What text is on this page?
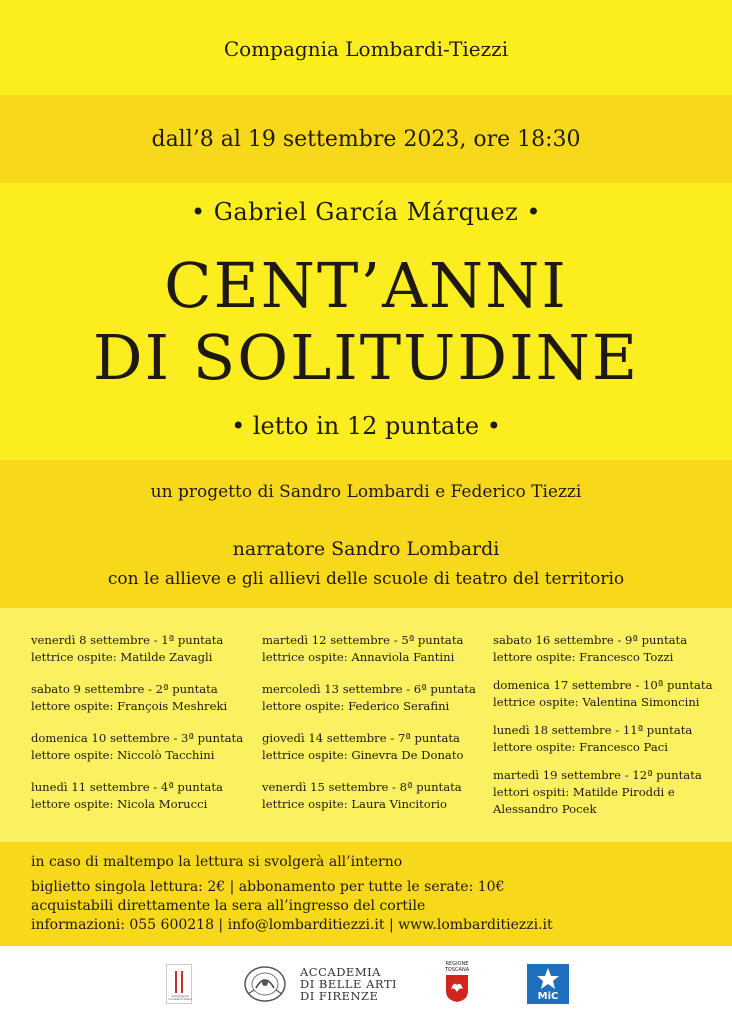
Compagnia Lombardi-Tiezzi
dall’8 al 19 settembre 2023, ore 18:30
• Gabriel García Márquez •
CENT’ANNI
DI SOLITUDINE
• letto in 12 puntate •
un progetto di Sandro Lombardi e Federico Tiezzi
narratore Sandro Lombardi
con le allieve e gli allievi delle scuole di teatro del territorio
venerdì 8 settembre - 1ª puntata
lettrice ospite: Matilde Zavagli
sabato 9 settembre - 2ª puntata
lettore ospite: François Meshreki
domenica 10 settembre - 3ª puntata
lettore ospite: Niccolò Tacchini
lunedì 11 settembre - 4ª puntata
lettore ospite: Nicola Morucci
martedì 12 settembre - 5ª puntata
lettrice ospite: Annaviola Fantini
mercoledì 13 settembre - 6ª puntata
lettore ospite: Federico Serafini
giovedì 14 settembre - 7ª puntata
lettrice ospite: Ginevra De Donato
venerdì 15 settembre - 8ª puntata
lettrice ospite: Laura Vincitorio
sabato 16 settembre - 9ª puntata
lettore ospite: Francesco Tozzi
domenica 17 settembre - 10ª puntata
lettrice ospite: Valentina Simoncini
lunedì 18 settembre - 11ª puntata
lettore ospite: Francesco Paci
martedì 19 settembre - 12ª puntata
lettori ospiti: Matilde Piroddi e
Alessandro Pocek
in caso di maltempo la lettura si svolgerà all’interno
biglietto singola lettura: 2€ | abbonamento per tutte le serate: 10€
acquistabili direttamente la sera all’ingresso del cortile
informazioni: 055 600218 | info@lombarditiezzi.it | www.lombarditiezzi.it
Compagnia Lombardi-Tiezzi
ACCADEMIA
DI BELLE ARTI
DI FIRENZE
REGIONE
TOSCANA
MiC
